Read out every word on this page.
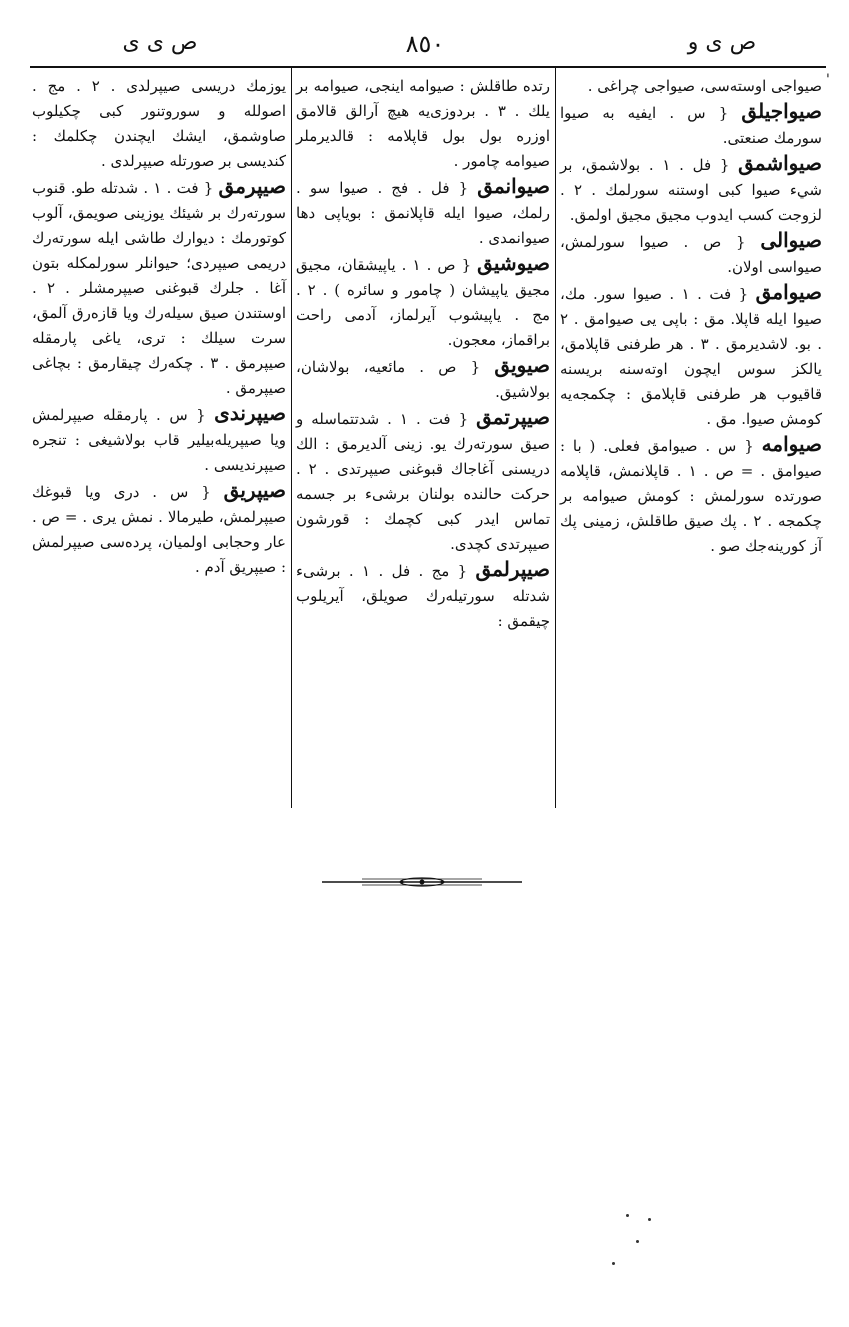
ص ى و
٨٥٠
ص ى ى
'

صيواجى اوسته‌سى، صيواجى چراغى .

صيواجيلق { س . ايفيه به صيوا سورمك صنعتى.

صيواشمق { فل . ١ . بولاشمق، بر شيء صيوا كبى اوستنه سورلمك . ٢ . لزوجت كسب ايدوب مجيق مجيق اولمق.

صيوالى { ص . صيوا سورلمش، صيواسى اولان.

صيوامق { فت . ١ . صيوا سور. مك، صيوا ايله قاپلا. مق : باپى يى صيوامق . ٢ . بو. لاشديرمق . ٣ . هر طرفنى قاپلامق، يالكز سوس ايچون اوته‌سنه بريسنه قاقيوب هر طرفنى قاپلامق : چكمجه‌يه كومش صيوا. مق .

صيوامه { س . صيوامق فعلى. ( با : صيوامق . = ص . ١ . قاپلانمش، قاپلامه صورتده سورلمش : كومش صيوامه بر چكمجه . ٢ . پك صيق طاقلش، زمينى پك آز كورينه‌جك صو .

رتده طاقلش : صيوامه اينجى، صيوامه بر يلك . ٣ . بردوزى‌يه هيچ آرالق قالامق اوزره بول بول قاپلامه : قالديرملر صيوامه چامور .

صيوانمق { فل . فج . صيوا سو . رلمك، صيوا ايله قاپلانمق : بوياپى دها صيوانمدى .

صيوشيق { ص . ١ . ياپيشقان، مجيق مجيق ياپيشان ( چامور و سائره ) . ٢ . مج . ياپيشوب آيرلماز، آدمى راحت براقماز، معجون.

صيويق { ص . مائعيه، بولاشان، بولاشيق.

صيپرتمق { فت . ١ . شدتتماسله و صيق سورته‌رك يو. زينى آلديرمق : الك دريسنى آغاجاك قبوغنى صيپرتدى . ٢ . حركت حالنده بولنان برشىء بر جسمه تماس ايدر كبى كچمك : قورشون صيپرتدى كچدى.

صيپرلمق { مج . فل . ١ . برشىء شدتله سورتيله‌رك صويلق، آيريلوب چيقمق :

يوزمك دريسى صيپرلدى . ٢ . مج . اصولله و سوروتنور كبى چكيلوب صاوشمق، ايشك ايچندن چكلمك : كنديسى بر صورتله صيپرلدى .

صيپرمق { فت . ١ . شدتله طو. قنوب سورته‌رك بر شيئك يوزينى صويمق، آلوب كوتورمك : ديوارك طاشى ايله سورته‌رك دريمى صيپردى؛ حيوانلر سورلمكله بتون آغا . جلرك قبوغنى صيپرمشلر . ٢ . اوستندن صيق سيله‌رك ويا قازه‌رق آلمق، سرت سيلك : ترى، ياغى پارمقله صيپرمق . ٣ . چكه‌رك چيقارمق : بچاغى صيپرمق .

صيپرندى { س . پارمقله صيپرلمش ويا صيپريله‌بيلير قاب بولاشيغى : تنجره صيپرنديسى .

صيپريق { س . درى ويا قبوغك صيپرلمش، طيرمالا . نمش يرى . = ص . عار وحجابى اولميان، پرده‌سى صيپرلمش : صيپريق آدم .
